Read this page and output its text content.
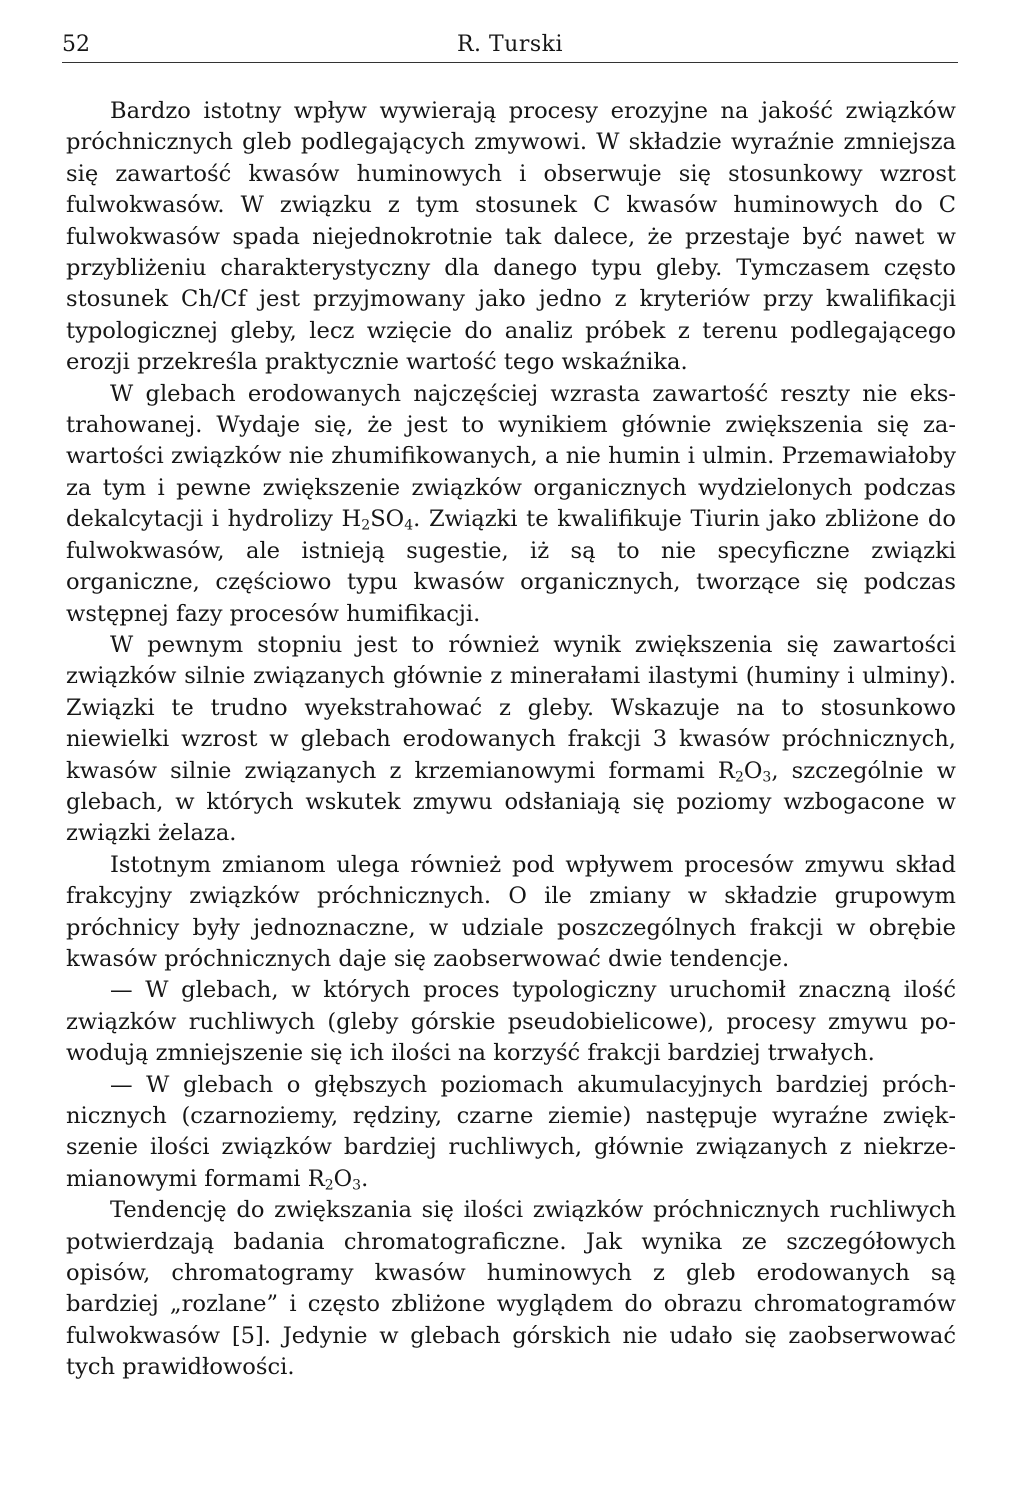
52	R. Turski

Bardzo istotny wpływ wywierają procesy erozyjne na jakość związków próchnicznych gleb podlegających zmywowi. W składzie wyraźnie zmniejsza się zawartość kwasów huminowych i obserwuje się stosunkowy wzrost fulwokwasów. W związku z tym stosunek C kwasów huminowych do C fulwokwasów spada niejednokrotnie tak dalece, że przestaje być nawet w przybliżeniu charakterystyczny dla danego typu gleby. Tymczasem często stosunek Ch/Cf jest przyjmowany jako jedno z kryteriów przy kwalifikacji typologicznej gleby, lecz wzięcie do analiz próbek z terenu podlegającego erozji przekreśla praktycznie wartość tego wskaźnika.

W glebach erodowanych najczęściej wzrasta zawartość reszty nie ekstrahowanej. Wydaje się, że jest to wynikiem głównie zwiększenia się zawartości związków nie zhumifikowanych, a nie humin i ulmin. Przemawiałoby za tym i pewne zwiększenie związków organicznych wydzielonych podczas dekalcytacji i hydrolizy $H_2SO_4$. Związki te kwalifikuje Tiurin jako zbliżone do fulwokwasów, ale istnieją sugestie, iż są to nie specyficzne związki organiczne, częściowo typu kwasów organicznych, tworzące się podczas wstępnej fazy procesów humifikacji.

W pewnym stopniu jest to również wynik zwiększenia się zawartości związków silnie związanych głównie z minerałami ilastymi (huminy i ulminy). Związki te trudno wyekstrahować z gleby. Wskazuje na to stosunkowo niewielki wzrost w glebach erodowanych frakcji 3 kwasów próchnicznych, kwasów silnie związanych z krzemianowymi formami $R_2O_3$, szczególnie w glebach, w których wskutek zmywu odsłaniają się poziomy wzbogacone w związki żelaza.

Istotnym zmianom ulega również pod wpływem procesów zmywu skład frakcyjny związków próchnicznych. O ile zmiany w składzie grupowym próchnicy były jednoznaczne, w udziale poszczególnych frakcji w obrębie kwasów próchnicznych daje się zaobserwować dwie tendencje.

— W glebach, w których proces typologiczny uruchomił znaczną ilość związków ruchliwych (gleby górskie pseudobielicowe), procesy zmywu powodują zmniejszenie się ich ilości na korzyść frakcji bardziej trwałych.

— W glebach o głębszych poziomach akumulacyjnych bardziej próchnicznych (czarnoziemy, rędziny, czarne ziemie) następuje wyraźne zwiększenie ilości związków bardziej ruchliwych, głównie związanych z niekrzemianowymi formami $R_2O_3$.

Tendencję do zwiększania się ilości związków próchnicznych ruchliwych potwierdzają badania chromatograficzne. Jak wynika ze szczegółowych opisów, chromatogramy kwasów huminowych z gleb erodowanych są bardziej „rozlane” i często zbliżone wyglądem do obrazu chromatogramów fulwokwasów [5]. Jedynie w glebach górskich nie udało się zaobserwować tych prawidłowości.
